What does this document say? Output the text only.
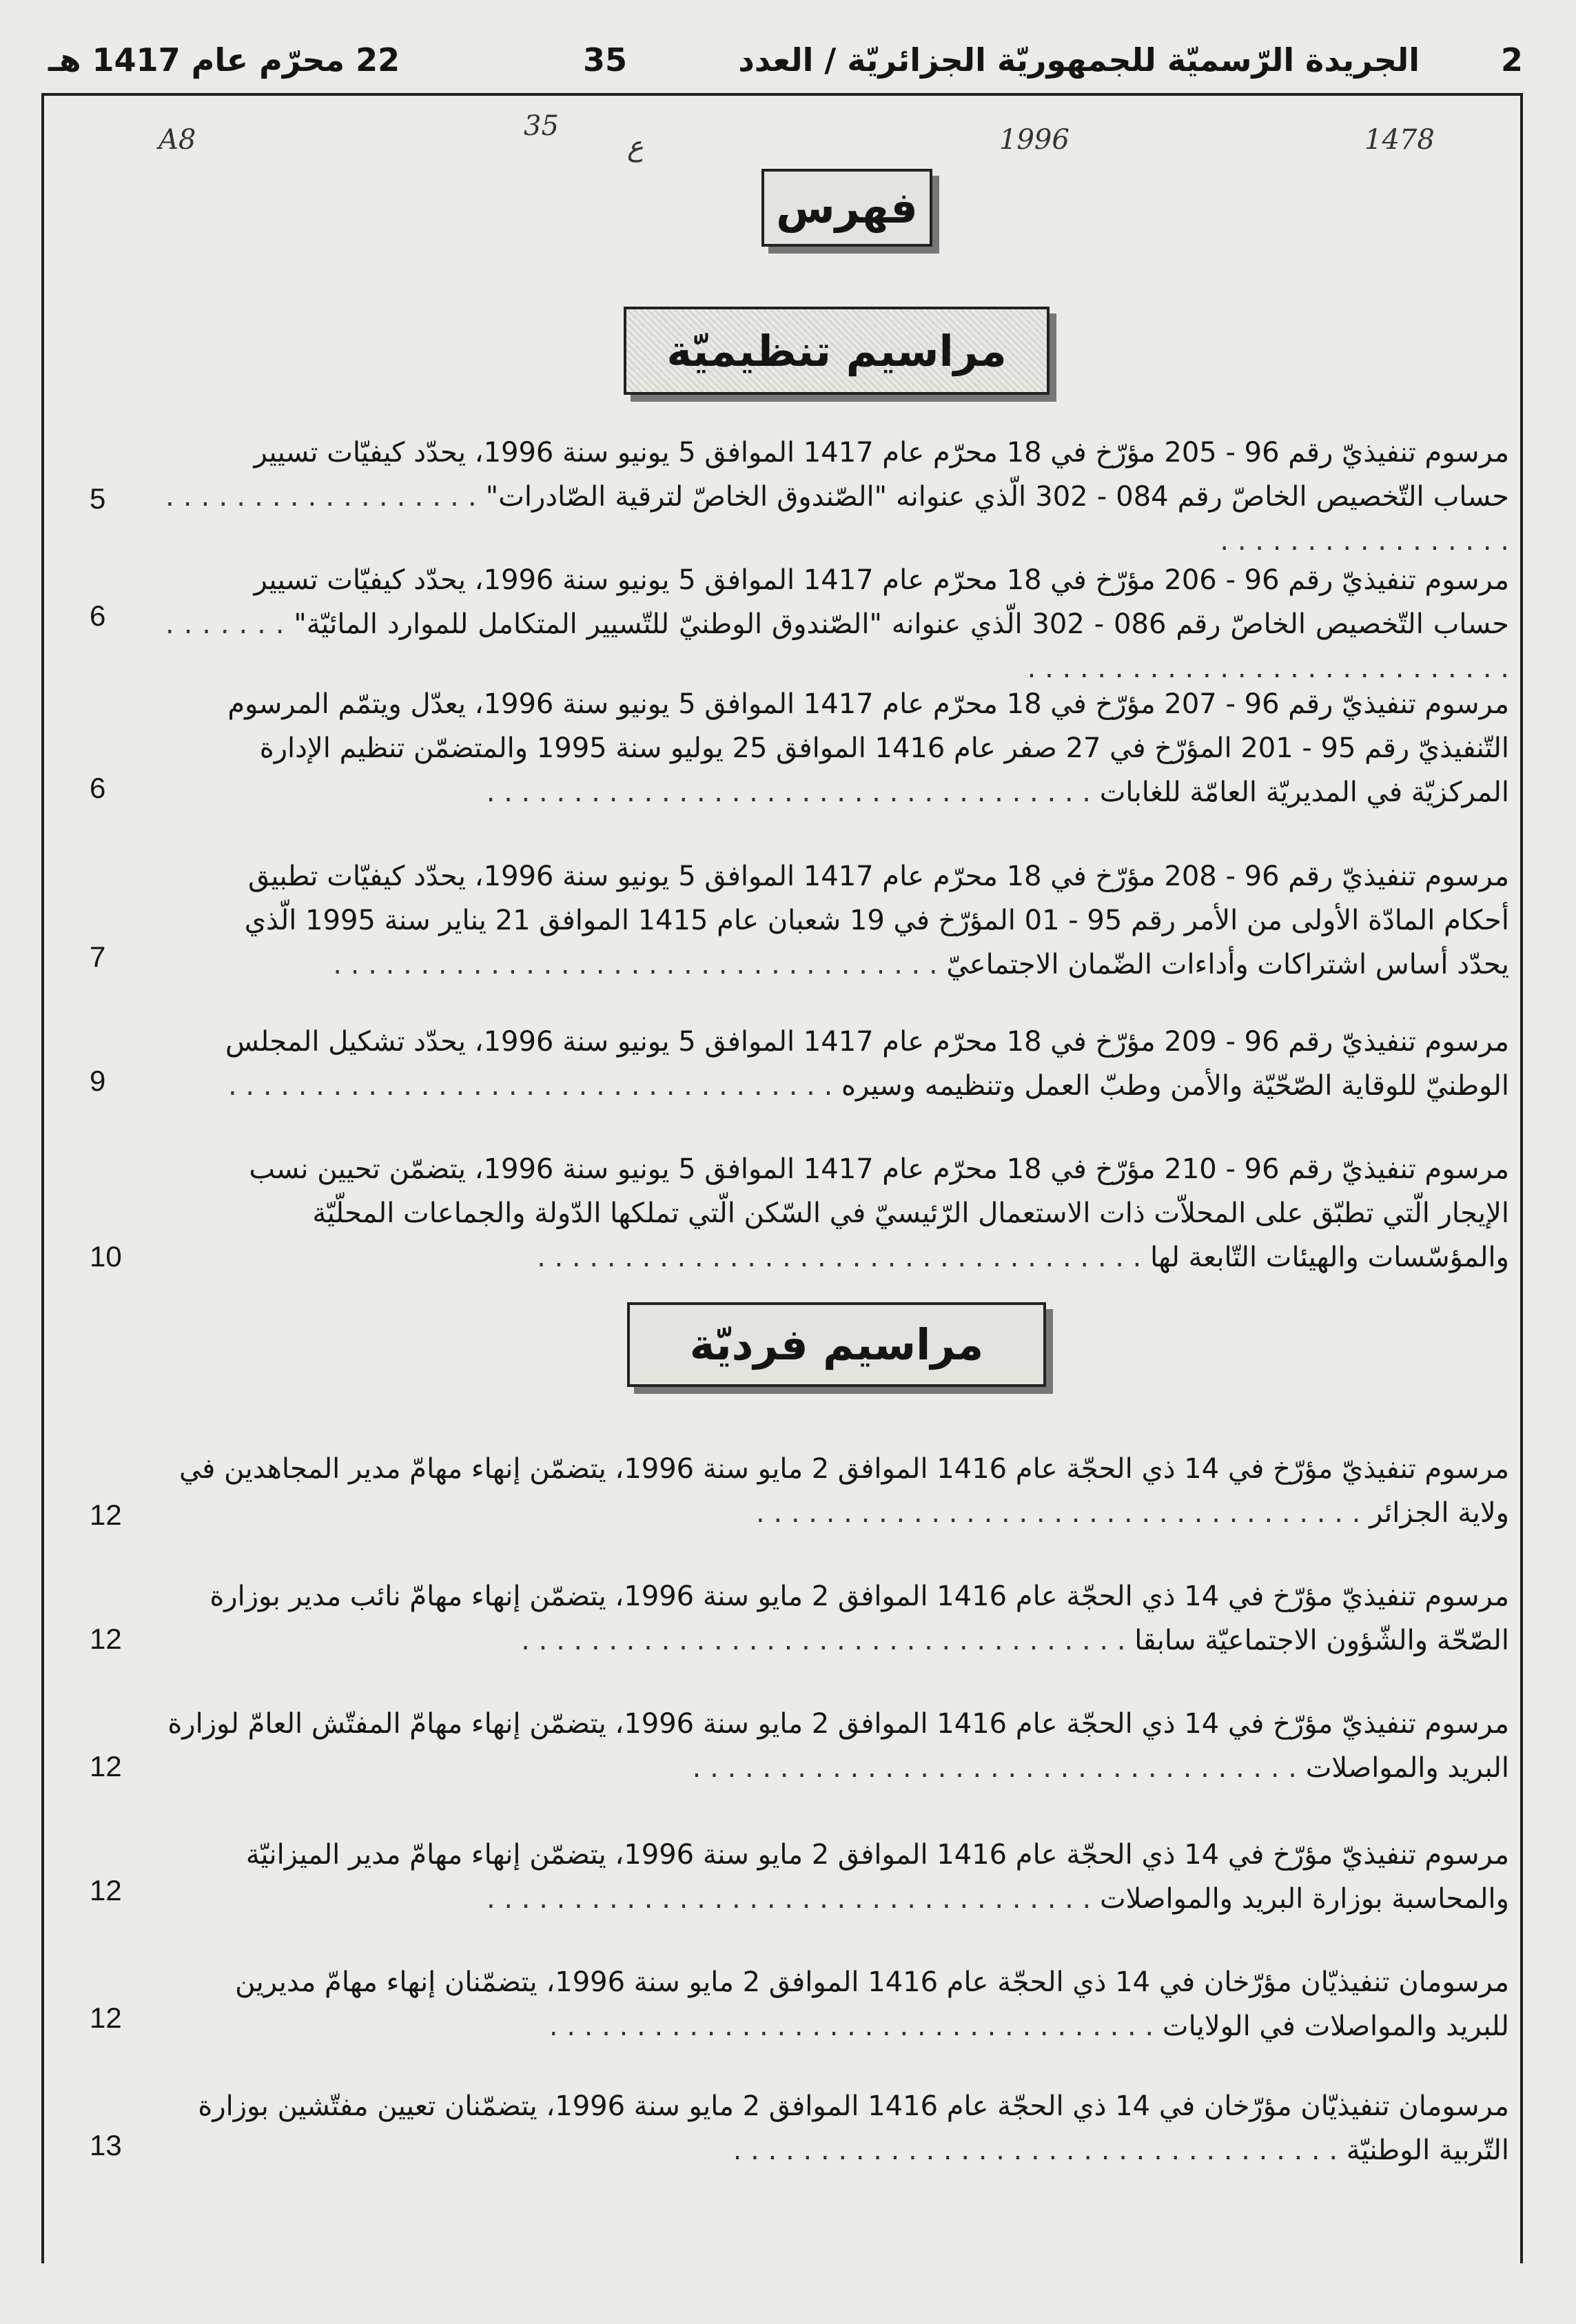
2
الجريدة الرّسميّة للجمهوريّة الجزائريّة / العدد
35
22 محرّم عام 1417 هـ
1478
1996
ع
35
A8
فهرس
مراسيم تنظيميّة
مرسوم تنفيذيّ رقم 96 - 205 مؤرّخ في 18 محرّم عام 1417 الموافق 5 يونيو سنة 1996، يحدّد كيفيّات تسيير
حساب التّخصيص الخاصّ رقم 084 - 302 الّذي عنوانه "الصّندوق الخاصّ لترقية الصّادرات" . . .
5
مرسوم تنفيذيّ رقم 96 - 206 مؤرّخ في 18 محرّم عام 1417 الموافق 5 يونيو سنة 1996، يحدّد كيفيّات تسيير
حساب التّخصيص الخاصّ رقم 086 - 302 الّذي عنوانه "الصّندوق الوطنيّ للتّسيير المتكامل للموارد المائيّة" . . .
6
مرسوم تنفيذيّ رقم 96 - 207 مؤرّخ في 18 محرّم عام 1417 الموافق 5 يونيو سنة 1996، يعدّل ويتمّم المرسوم
التّنفيذيّ رقم 95 - 201 المؤرّخ في 27 صفر عام 1416 الموافق 25 يوليو سنة 1995 والمتضمّن تنظيم الإدارة
المركزيّة في المديريّة العامّة للغابات . . .
6
مرسوم تنفيذيّ رقم 96 - 208 مؤرّخ في 18 محرّم عام 1417 الموافق 5 يونيو سنة 1996، يحدّد كيفيّات تطبيق
أحكام المادّة الأولى من الأمر رقم 95 - 01 المؤرّخ في 19 شعبان عام 1415 الموافق 21 يناير سنة 1995 الّذي
يحدّد أساس اشتراكات وأداءات الضّمان الاجتماعيّ . . .
7
مرسوم تنفيذيّ رقم 96 - 209 مؤرّخ في 18 محرّم عام 1417 الموافق 5 يونيو سنة 1996، يحدّد تشكيل المجلس
الوطنيّ للوقاية الصّحّيّة والأمن وطبّ العمل وتنظيمه وسيره . . .
9
مرسوم تنفيذيّ رقم 96 - 210 مؤرّخ في 18 محرّم عام 1417 الموافق 5 يونيو سنة 1996، يتضمّن تحيين نسب
الإيجار الّتي تطبّق على المحلاّت ذات الاستعمال الرّئيسيّ في السّكن الّتي تملكها الدّولة والجماعات المحلّيّة
والمؤسّسات والهيئات التّابعة لها . . .
10
مراسيم فرديّة
مرسوم تنفيذيّ مؤرّخ في 14 ذي الحجّة عام 1416 الموافق 2 مايو سنة 1996، يتضمّن إنهاء مهامّ مدير المجاهدين في
ولاية الجزائر . . .
12
مرسوم تنفيذيّ مؤرّخ في 14 ذي الحجّة عام 1416 الموافق 2 مايو سنة 1996، يتضمّن إنهاء مهامّ نائب مدير بوزارة
الصّحّة والشّؤون الاجتماعيّة سابقا . . .
12
مرسوم تنفيذيّ مؤرّخ في 14 ذي الحجّة عام 1416 الموافق 2 مايو سنة 1996، يتضمّن إنهاء مهامّ المفتّش العامّ لوزارة
البريد والمواصلات . . .
12
مرسوم تنفيذيّ مؤرّخ في 14 ذي الحجّة عام 1416 الموافق 2 مايو سنة 1996، يتضمّن إنهاء مهامّ مدير الميزانيّة
والمحاسبة بوزارة البريد والمواصلات . . .
12
مرسومان تنفيذيّان مؤرّخان في 14 ذي الحجّة عام 1416 الموافق 2 مايو سنة 1996، يتضمّنان إنهاء مهامّ مديرين
للبريد والمواصلات في الولايات . . .
12
مرسومان تنفيذيّان مؤرّخان في 14 ذي الحجّة عام 1416 الموافق 2 مايو سنة 1996، يتضمّنان تعيين مفتّشين بوزارة
التّربية الوطنيّة . . .
13
